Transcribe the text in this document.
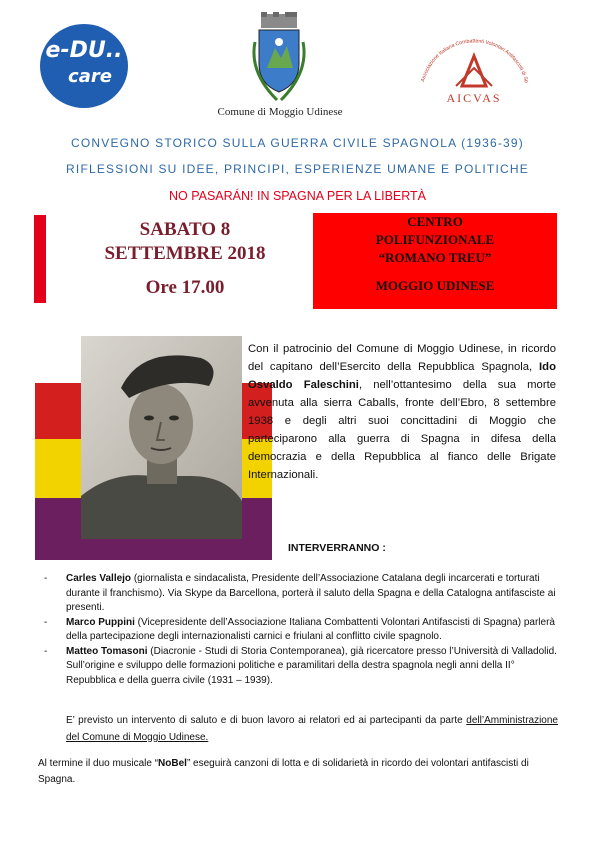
e-DU..
care
Comune di Moggio Udinese
Associazione Italiana Combattenti Volontari Antifascisti di Sp
AICVAS
CONVEGNO STORICO SULLA GUERRA CIVILE SPAGNOLA (1936-39)
RIFLESSIONI SU IDEE, PRINCIPI, ESPERIENZE UMANE E POLITICHE
NO PASARÁN! IN SPAGNA PER LA LIBERTÀ
SABATO 8
SETTEMBRE 2018
Ore 17.00
CENTRO
POLIFUNZIONALE
“ROMANO TREU”
MOGGIO UDINESE
Con il patrocinio del Comune di Moggio Udinese, in ricordo del capitano dell’Esercito della Repubblica Spagnola, Ido Osvaldo Faleschini, nell’ottantesimo della sua morte avvenuta alla sierra Caballs, fronte dell’Ebro, 8 settembre 1938 e degli altri suoi concittadini di Moggio che parteciparono alla guerra di Spagna in difesa della democrazia e della Repubblica al fianco delle Brigate Internazionali.
INTERVERRANNO :
- Carles Vallejo (giornalista e sindacalista, Presidente dell’Associazione Catalana degli incarcerati e torturati durante il franchismo). Via Skype da Barcellona, porterà il saluto della Spagna e della Catalogna antifasciste ai presenti.
- Marco Puppini (Vicepresidente dell’Associazione Italiana Combattenti Volontari Antifascisti di Spagna) parlerà della partecipazione degli internazionalisti carnici e friulani al conflitto civile spagnolo.
- Matteo Tomasoni (Diacronie - Studi di Storia Contemporanea), già ricercatore presso l’Università di Valladolid. Sull’origine e sviluppo delle formazioni politiche e paramilitari della destra spagnola negli anni della II° Repubblica e della guerra civile (1931 – 1939).
E’ previsto un intervento di saluto e di buon lavoro ai relatori ed ai partecipanti da parte dell’Amministrazione del Comune di Moggio Udinese.
Al termine il duo musicale “NoBel” eseguirà canzoni di lotta e di solidarietà in ricordo dei volontari antifascisti di Spagna.
